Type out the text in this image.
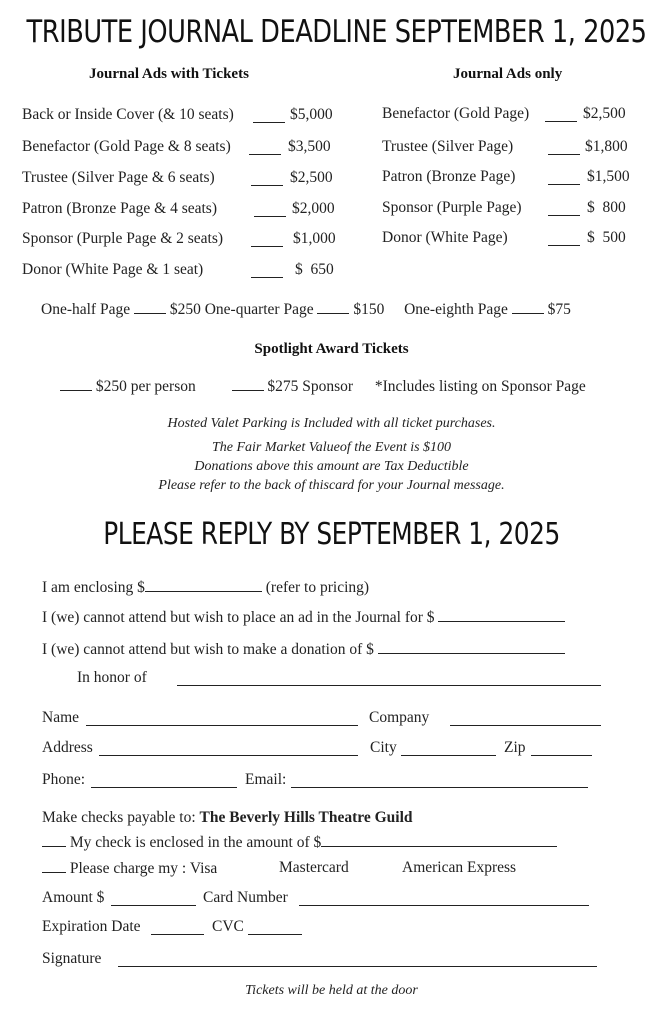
TRIBUTE JOURNAL DEADLINE SEPTEMBER 1, 2025
Journal Ads with Tickets	Journal Ads only
Back or Inside Cover (& 10 seats)	$5,000
Benefactor (Gold Page & 8 seats)	$3,500
Trustee (Silver Page & 6 seats)	$2,500
Patron (Bronze Page & 4 seats)	$2,000
Sponsor (Purple Page & 2 seats)	$1,000
Donor (White Page & 1 seat)	$  650
Benefactor (Gold Page)	$2,500
Trustee (Silver Page)	$1,800
Patron (Bronze Page)	$1,500
Sponsor (Purple Page)	$  800
Donor (White Page)	$  500
One-half Page	$250 One-quarter Page	$150 One-eighth Page	$75
Spotlight Award Tickets
$250 per person	$275 Sponsor *Includes listing on Sponsor Page
Hosted Valet Parking is Included with all ticket purchases.
The Fair Market Valueof the Event is $100
Donations above this amount are Tax Deductible
Please refer to the back of thiscard for your Journal message.
PLEASE REPLY BY SEPTEMBER 1, 2025
I am enclosing $	(refer to pricing)
I (we) cannot attend but wish to place an ad in the Journal for $
I (we) cannot attend but wish to make a donation of $
In honor of
Name	Company
Address	City	Zip
Phone:	Email:
Make checks payable to: The Beverly Hills Theatre Guild
My check is enclosed in the amount of $
Please charge my : Visa	Mastercard	American Express
Amount $	Card Number
Expiration Date	CVC
Signature
Tickets will be held at the door
